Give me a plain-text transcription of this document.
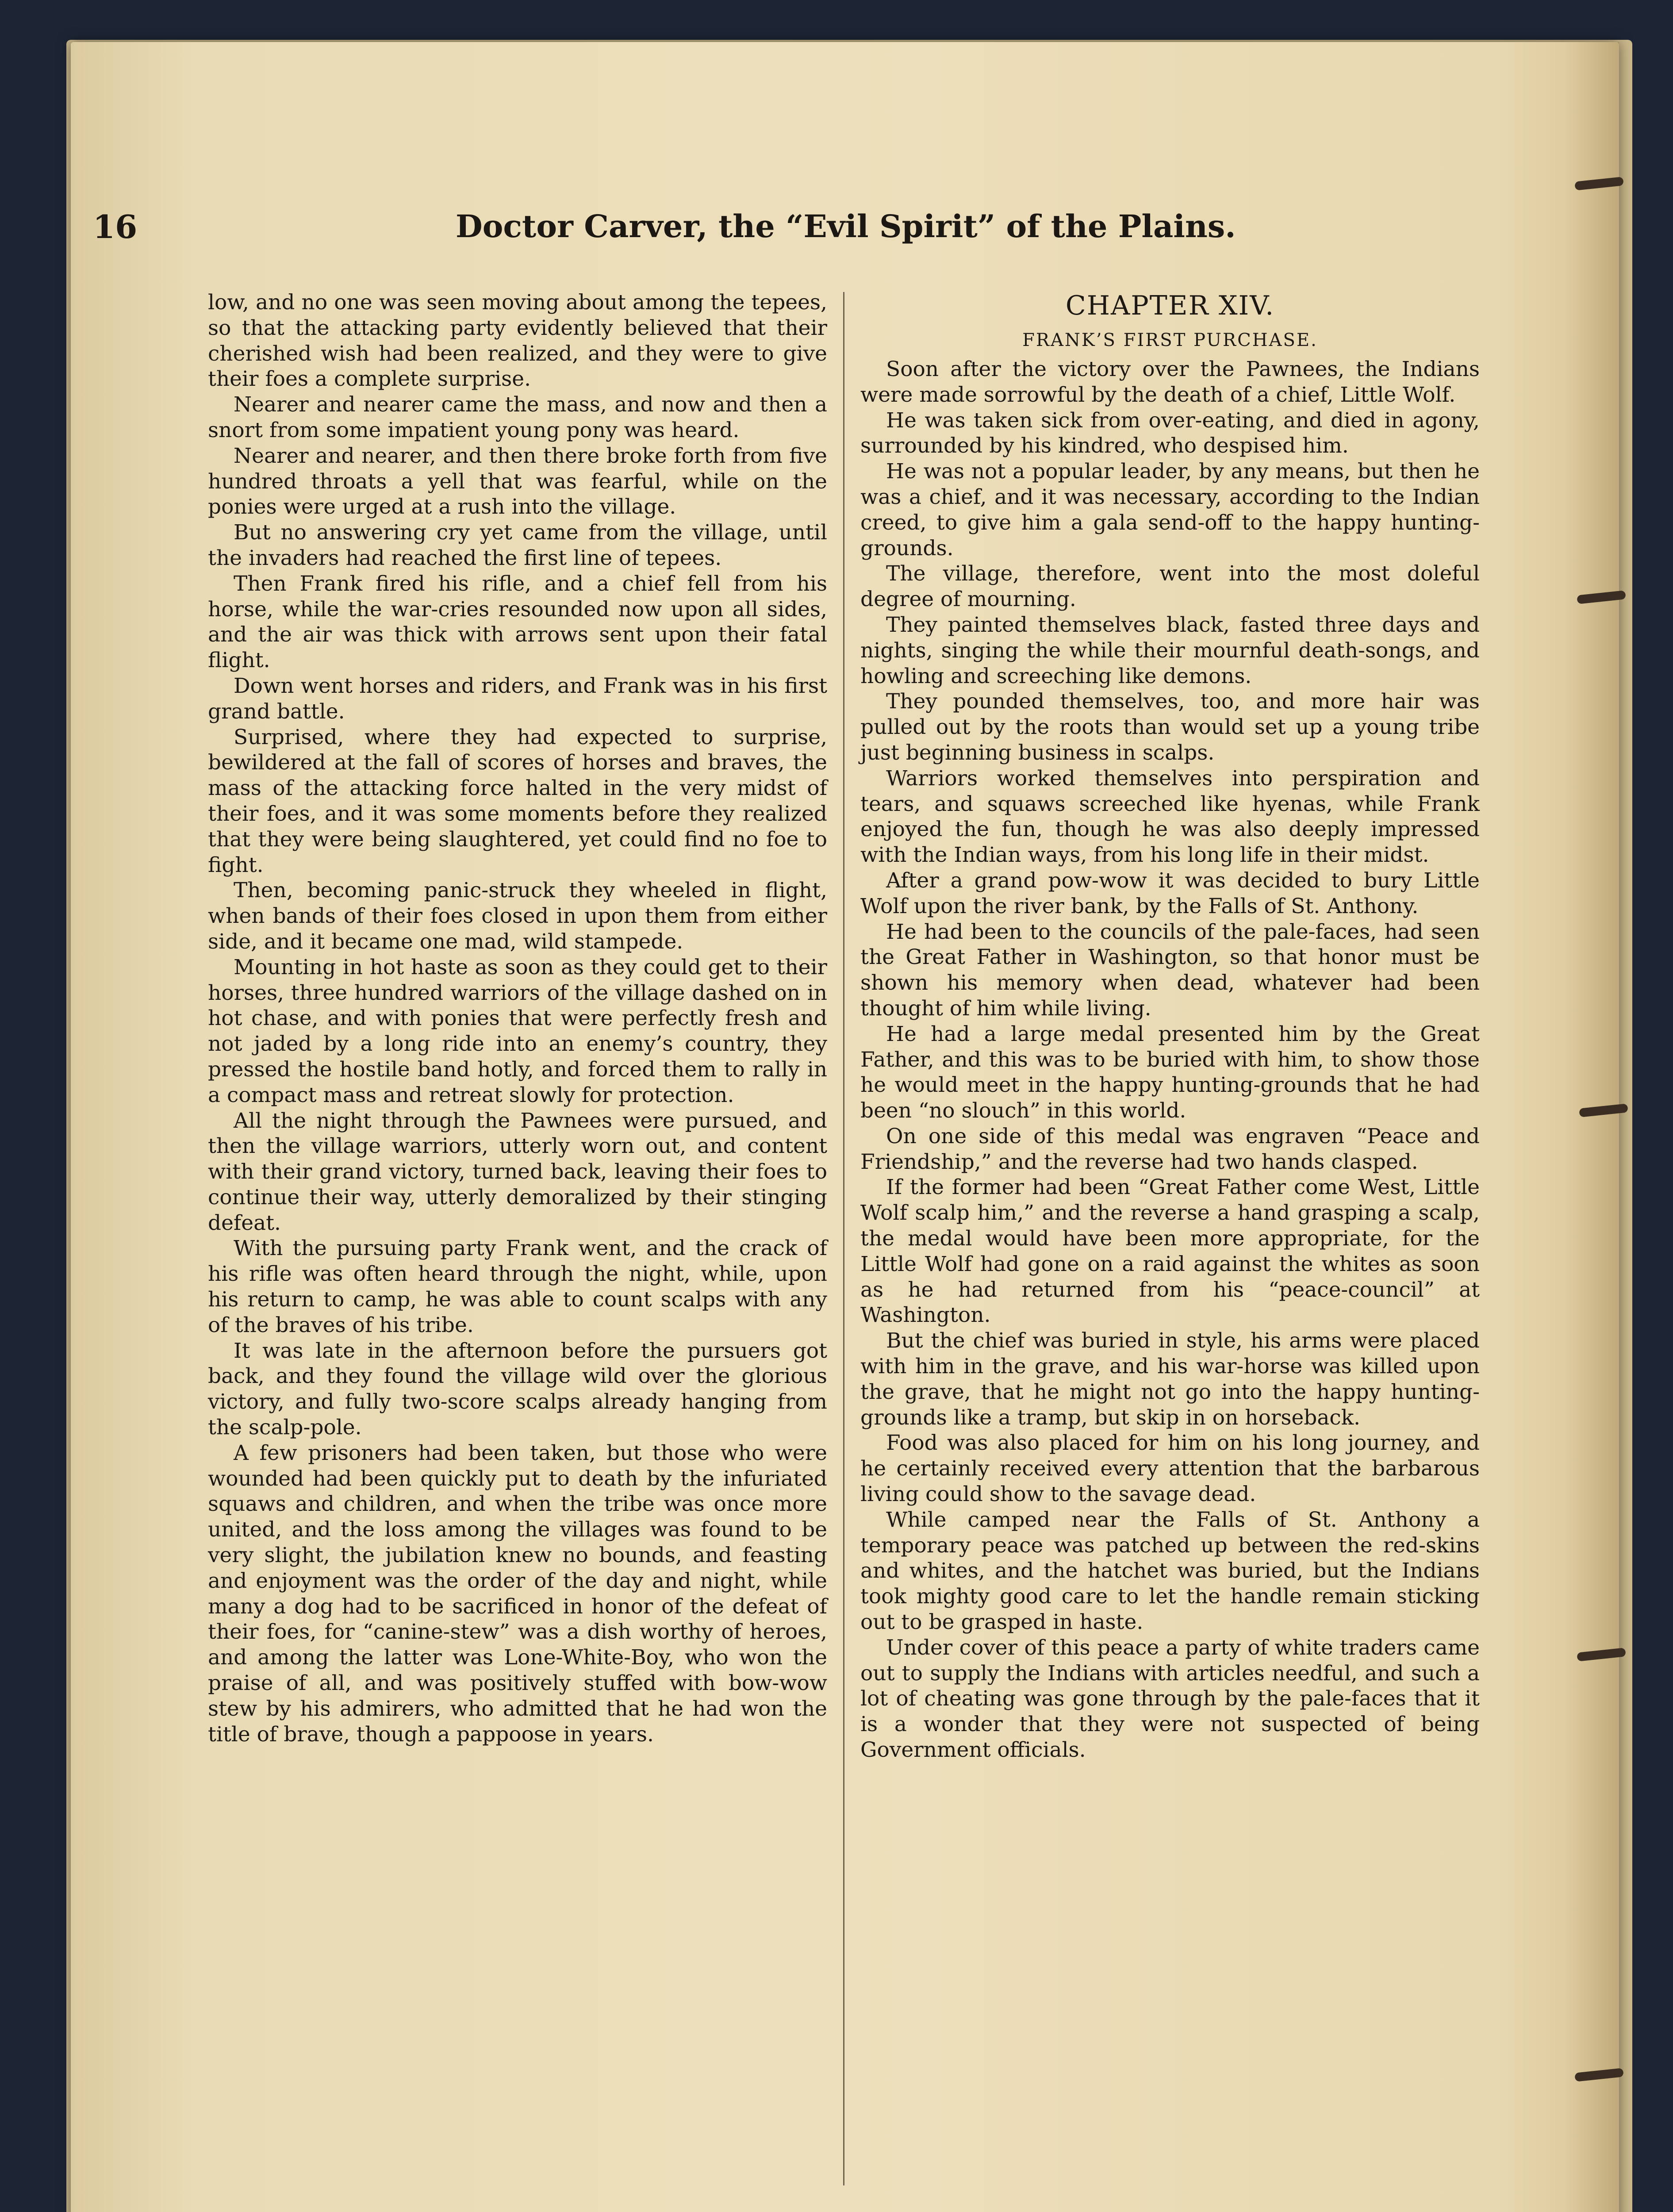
16	Doctor Carver, the “Evil Spirit” of the Plains.

low, and no one was seen moving about among the tepees, so that the attacking party evidently believed that their cherished wish had been realized, and they were to give their foes a complete surprise.

Nearer and nearer came the mass, and now and then a snort from some impatient young pony was heard.

Nearer and nearer, and then there broke forth from five hundred throats a yell that was fearful, while on the ponies were urged at a rush into the village.

But no answering cry yet came from the village, until the invaders had reached the first line of tepees.

Then Frank fired his rifle, and a chief fell from his horse, while the war-cries resounded now upon all sides, and the air was thick with arrows sent upon their fatal flight.

Down went horses and riders, and Frank was in his first grand battle.

Surprised, where they had expected to surprise, bewildered at the fall of scores of horses and braves, the mass of the attacking force halted in the very midst of their foes, and it was some moments before they realized that they were being slaughtered, yet could find no foe to fight.

Then, becoming panic-struck they wheeled in flight, when bands of their foes closed in upon them from either side, and it became one mad, wild stampede.

Mounting in hot haste as soon as they could get to their horses, three hundred warriors of the village dashed on in hot chase, and with ponies that were perfectly fresh and not jaded by a long ride into an enemy’s country, they pressed the hostile band hotly, and forced them to rally in a compact mass and retreat slowly for protection.

All the night through the Pawnees were pursued, and then the village warriors, utterly worn out, and content with their grand victory, turned back, leaving their foes to continue their way, utterly demoralized by their stinging defeat.

With the pursuing party Frank went, and the crack of his rifle was often heard through the night, while, upon his return to camp, he was able to count scalps with any of the braves of his tribe.

It was late in the afternoon before the pursuers got back, and they found the village wild over the glorious victory, and fully two-score scalps already hanging from the scalp-pole.

A few prisoners had been taken, but those who were wounded had been quickly put to death by the infuriated squaws and children, and when the tribe was once more united, and the loss among the villages was found to be very slight, the jubilation knew no bounds, and feasting and enjoyment was the order of the day and night, while many a dog had to be sacrificed in honor of the defeat of their foes, for “canine-stew” was a dish worthy of heroes, and among the latter was Lone-White-Boy, who won the praise of all, and was positively stuffed with bow-wow stew by his admirers, who admitted that he had won the title of brave, though a pappoose in years.

CHAPTER XIV.

FRANK’S FIRST PURCHASE.

Soon after the victory over the Pawnees, the Indians were made sorrowful by the death of a chief, Little Wolf.

He was taken sick from over-eating, and died in agony, surrounded by his kindred, who despised him.

He was not a popular leader, by any means, but then he was a chief, and it was necessary, according to the Indian creed, to give him a gala send-off to the happy hunting-grounds.

The village, therefore, went into the most doleful degree of mourning.

They painted themselves black, fasted three days and nights, singing the while their mournful death-songs, and howling and screeching like demons.

They pounded themselves, too, and more hair was pulled out by the roots than would set up a young tribe just beginning business in scalps.

Warriors worked themselves into perspiration and tears, and squaws screeched like hyenas, while Frank enjoyed the fun, though he was also deeply impressed with the Indian ways, from his long life in their midst.

After a grand pow-wow it was decided to bury Little Wolf upon the river bank, by the Falls of St. Anthony.

He had been to the councils of the pale-faces, had seen the Great Father in Washington, so that honor must be shown his memory when dead, whatever had been thought of him while living.

He had a large medal presented him by the Great Father, and this was to be buried with him, to show those he would meet in the happy hunting-grounds that he had been “no slouch” in this world.

On one side of this medal was engraven “Peace and Friendship,” and the reverse had two hands clasped.

If the former had been “Great Father come West, Little Wolf scalp him,” and the reverse a hand grasping a scalp, the medal would have been more appropriate, for the Little Wolf had gone on a raid against the whites as soon as he had returned from his “peace-council” at Washington.

But the chief was buried in style, his arms were placed with him in the grave, and his war-horse was killed upon the grave, that he might not go into the happy hunting-grounds like a tramp, but skip in on horseback.

Food was also placed for him on his long journey, and he certainly received every attention that the barbarous living could show to the savage dead.

While camped near the Falls of St. Anthony a temporary peace was patched up between the red-skins and whites, and the hatchet was buried, but the Indians took mighty good care to let the handle remain sticking out to be grasped in haste.

Under cover of this peace a party of white traders came out to supply the Indians with articles needful, and such a lot of cheating was gone through by the pale-faces that it is a wonder that they were not suspected of being Government officials.
